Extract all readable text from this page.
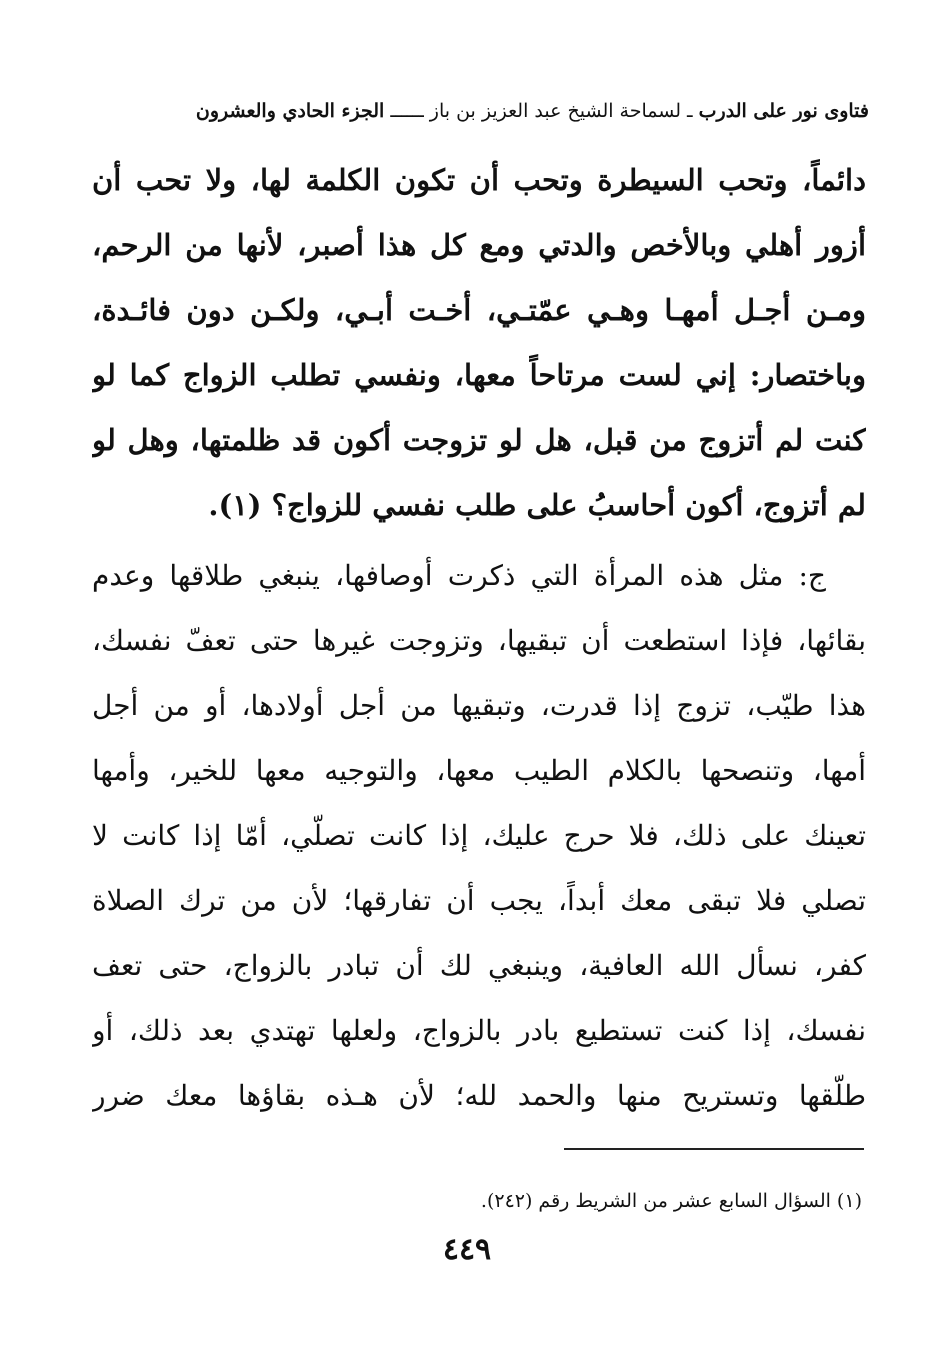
فتاوى نور على الدرب ـ لسماحة الشيخ عبد العزيز بن باز ــــــ الجزء الحادي والعشرون
دائماً، وتحب السيطرة وتحب أن تكون الكلمة لها، ولا تحب أن
أزور أهلي وبالأخص والدتي ومع كل هذا أصبر، لأنها من الرحم،
ومـن أجـل أمهـا وهـي عمّتـي، أخـت أبـي، ولكـن دون فائـدة،
وباختصار: إني لست مرتاحاً معها، ونفسي تطلب الزواج كما لو
كنت لم أتزوج من قبل، هل لو تزوجت أكون قد ظلمتها، وهل لو
لم أتزوج، أكون أحاسبُ على طلب نفسي للزواج؟ (١).
ج: مثل هذه المرأة التي ذكرت أوصافها، ينبغي طلاقها وعدم
بقائها، فإذا استطعت أن تبقيها، وتزوجت غيرها حتى تعفّ نفسك،
هذا طيّب، تزوج إذا قدرت، وتبقيها من أجل أولادها، أو من أجل
أمها، وتنصحها بالكلام الطيب معها، والتوجيه معها للخير، وأمها
تعينك على ذلك، فلا حرج عليك، إذا كانت تصلّي، أمّا إذا كانت لا
تصلي فلا تبقى معك أبداً، يجب أن تفارقها؛ لأن من ترك الصلاة
كفر، نسأل الله العافية، وينبغي لك أن تبادر بالزواج، حتى تعف
نفسك، إذا كنت تستطيع بادر بالزواج، ولعلها تهتدي بعد ذلك، أو
طلّقها وتستريح منها والحمد لله؛ لأن هـذه بقاؤها معك ضرر
(١) السؤال السابع عشر من الشريط رقم (٢٤٢).
٤٤٩
